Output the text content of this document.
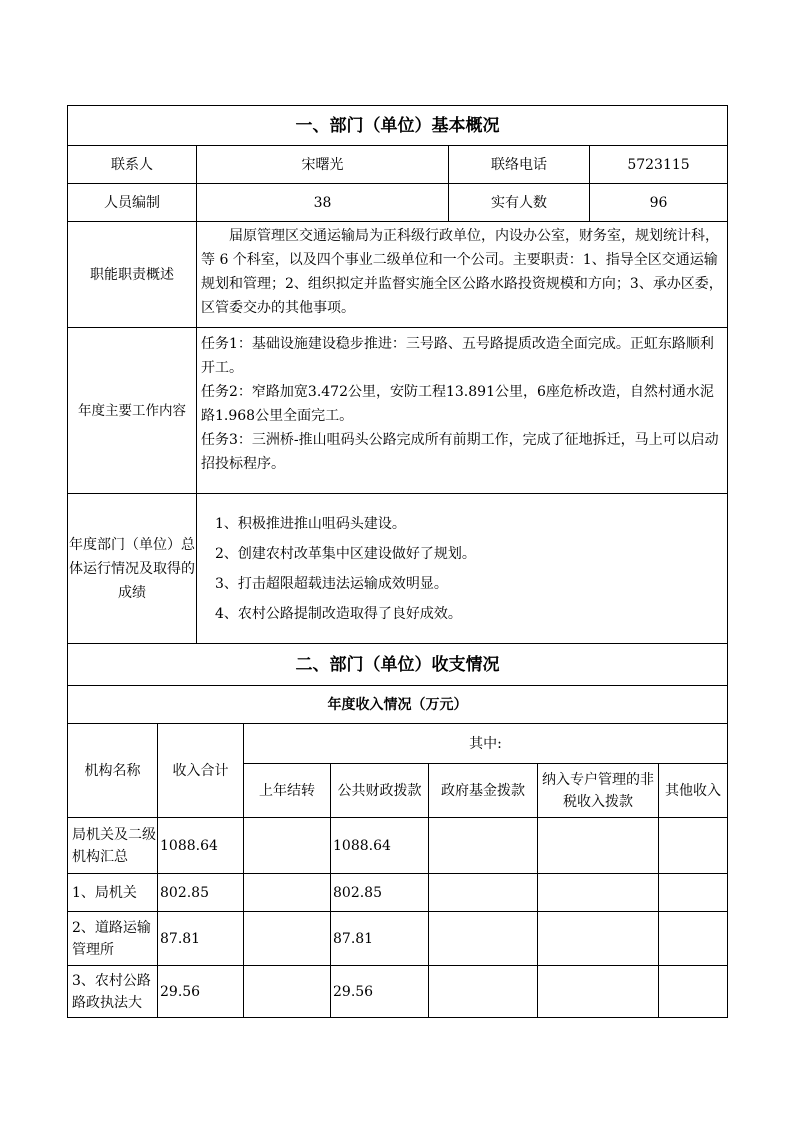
一、部门（单位）基本概况			
联系人	宋曙光	联络电话	5723115
人员编制	38	实有人数	96
职能职责概述	届原管理区交通运输局为正科级行政单位，内设办公室，财务室，规划统计科，等 6 个科室，以及四个事业二级单位和一个公司。主要职责：1、指导全区交通运输规划和管理；2、组织拟定并监督实施全区公路水路投资规模和方向；3、承办区委，区管委交办的其他事项。		

年度主要工作内容	任务1：基础设施建设稳步推进：三号路、五号路提质改造全面完成。正虹东路顺利开工。

任务2：窄路加宽3.472公里，安防工程13.891公里，6座危桥改造，自然村通水泥路1.968公里全面完工。

任务3：三洲桥-推山咀码头公路完成所有前期工作，完成了征地拆迁，马上可以启动招投标程序。		

年度部门（单位）总体运行情况及取得的成绩	1、积极推进推山咀码头建设。

2、创建农村改革集中区建设做好了规划。

3、打击超限超载违法运输成效明显。

4、农村公路提制改造取得了良好成效。		

二、部门（单位）收支情况						
年度收入情况（万元）						
机构名称	收入合计	其中:				
		上年结转	公共财政拨款	政府基金拨款	纳入专户管理的非税收入拨款	其他收入
局机关及二级机构汇总	1088.64		1088.64			
1、局机关	802.85		802.85			
2、道路运输管理所	87.81		87.81			
3、农村公路路政执法大	29.56		29.56			
